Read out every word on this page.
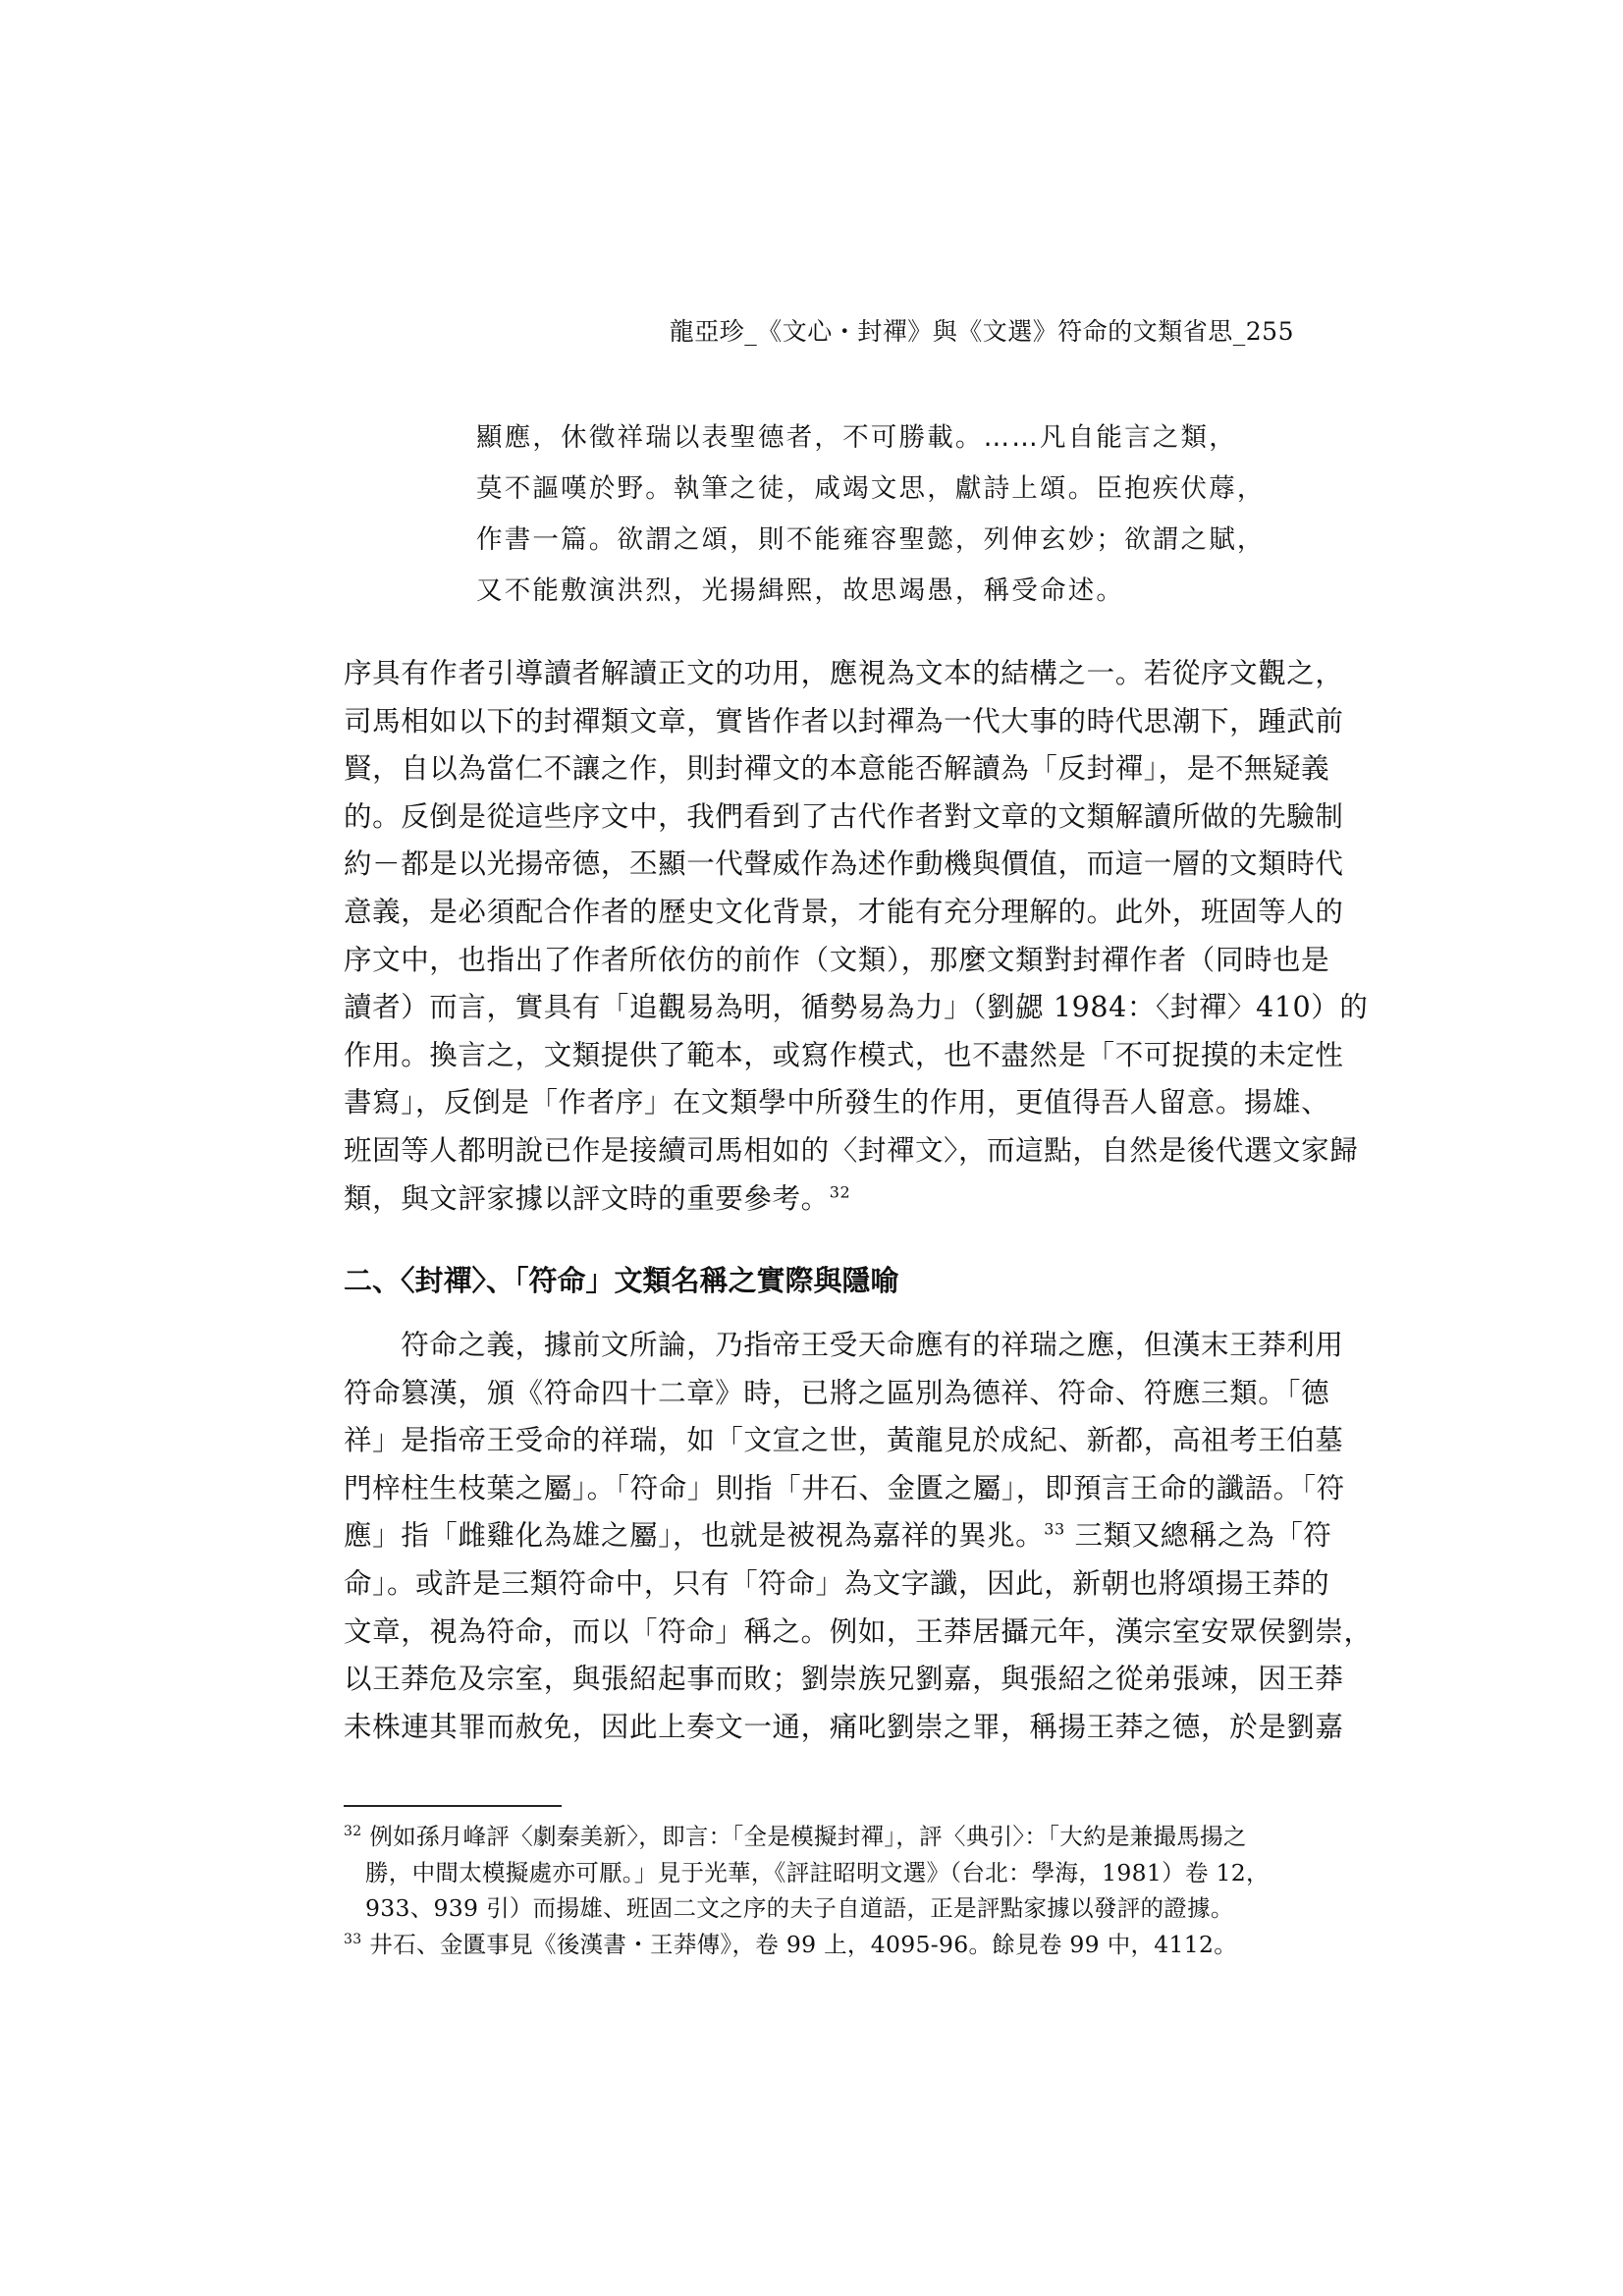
龍亞珍_《文心・封禪》與《文選》符命的文類省思_255

顯應，休徵祥瑞以表聖德者，不可勝載。……凡自能言之類，

莫不謳嘆於野。執筆之徒，咸竭文思，獻詩上頌。臣抱疾伏蓐，

作書一篇。欲謂之頌，則不能雍容聖懿，列伸玄妙；欲謂之賦，

又不能敷演洪烈，光揚緝熙，故思竭愚，稱受命述。

序具有作者引導讀者解讀正文的功用，應視為文本的結構之一。若從序文觀之，

司馬相如以下的封禪類文章，實皆作者以封禪為一代大事的時代思潮下，踵武前

賢，自以為當仁不讓之作，則封禪文的本意能否解讀為「反封禪」，是不無疑義

的。反倒是從這些序文中，我們看到了古代作者對文章的文類解讀所做的先驗制

約－都是以光揚帝德，丕顯一代聲威作為述作動機與價值，而這一層的文類時代

意義，是必須配合作者的歷史文化背景，才能有充分理解的。此外，班固等人的

序文中，也指出了作者所依仿的前作（文類），那麼文類對封禪作者（同時也是

讀者）而言，實具有「追觀易為明，循勢易為力」（劉勰 1984：〈封禪〉410）的

作用。換言之，文類提供了範本，或寫作模式，也不盡然是「不可捉摸的未定性

書寫」，反倒是「作者序」在文類學中所發生的作用，更值得吾人留意。揚雄、

班固等人都明說已作是接續司馬相如的〈封禪文〉，而這點，自然是後代選文家歸

類，與文評家據以評文時的重要參考。$^{32}$

二、〈封禪〉、「符命」文類名稱之實際與隱喻

　　符命之義，據前文所論，乃指帝王受天命應有的祥瑞之應，但漢末王莽利用

符命篡漢，頒《符命四十二章》時，已將之區別為德祥、符命、符應三類。「德

祥」是指帝王受命的祥瑞，如「文宣之世，黃龍見於成紀、新都，高祖考王伯墓

門梓柱生枝葉之屬」。「符命」則指「井石、金匱之屬」，即預言王命的讖語。「符

應」指「雌雞化為雄之屬」，也就是被視為嘉祥的異兆。$^{33}$ 三類又總稱之為「符

命」。或許是三類符命中，只有「符命」為文字讖，因此，新朝也將頌揚王莽的

文章，視為符命，而以「符命」稱之。例如，王莽居攝元年，漢宗室安眾侯劉崇，

以王莽危及宗室，與張紹起事而敗；劉崇族兄劉嘉，與張紹之從弟張竦，因王莽

未株連其罪而赦免，因此上奏文一通，痛叱劉崇之罪，稱揚王莽之德，於是劉嘉

$^{32}$ 例如孫月峰評〈劇秦美新〉，即言：「全是模擬封禪」，評〈典引〉：「大約是兼撮馬揚之

勝，中間太模擬處亦可厭。」見于光華，《評註昭明文選》（台北：學海，1981）卷 12，

933、939 引）而揚雄、班固二文之序的夫子自道語，正是評點家據以發評的證據。

$^{33}$ 井石、金匱事見《後漢書・王莽傳》，卷 99 上，4095-96。餘見卷 99 中，4112。
